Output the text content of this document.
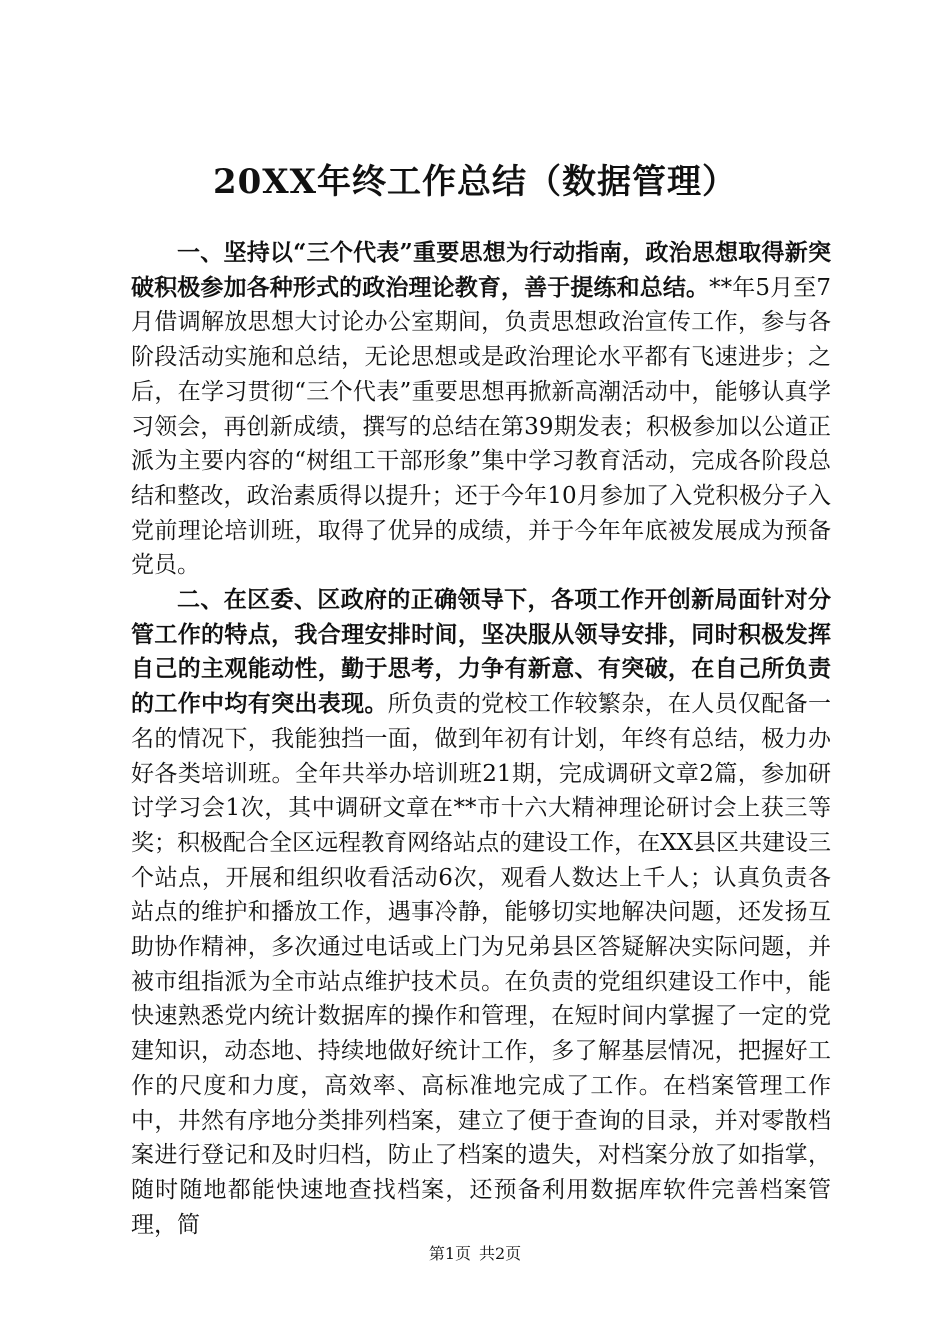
20XX年终工作总结（数据管理）

一、坚持以“三个代表”重要思想为行动指南，政治思想取得新突破积极参加各种形式的政治理论教育，善于提练和总结。**年5月至7月借调解放思想大讨论办公室期间，负责思想政治宣传工作，参与各阶段活动实施和总结，无论思想或是政治理论水平都有飞速进步；之后，在学习贯彻“三个代表”重要思想再掀新高潮活动中，能够认真学习领会，再创新成绩，撰写的总结在第39期发表；积极参加以公道正派为主要内容的“树组工干部形象”集中学习教育活动，完成各阶段总结和整改，政治素质得以提升；还于今年10月参加了入党积极分子入党前理论培训班，取得了优异的成绩，并于今年年底被发展成为预备党员。

二、在区委、区政府的正确领导下，各项工作开创新局面针对分管工作的特点，我合理安排时间，坚决服从领导安排，同时积极发挥自己的主观能动性，勤于思考，力争有新意、有突破，在自己所负责的工作中均有突出表现。所负责的党校工作较繁杂，在人员仅配备一名的情况下，我能独挡一面，做到年初有计划，年终有总结，极力办好各类培训班。全年共举办培训班21期，完成调研文章2篇，参加研讨学习会1次，其中调研文章在**市十六大精神理论研讨会上获三等奖；积极配合全区远程教育网络站点的建设工作，在XX县区共建设三个站点，开展和组织收看活动6次，观看人数达上千人；认真负责各站点的维护和播放工作，遇事冷静，能够切实地解决问题，还发扬互助协作精神，多次通过电话或上门为兄弟县区答疑解决实际问题，并被市组指派为全市站点维护技术员。在负责的党组织建设工作中，能快速熟悉党内统计数据库的操作和管理，在短时间内掌握了一定的党建知识，动态地、持续地做好统计工作，多了解基层情况，把握好工作的尺度和力度，高效率、高标准地完成了工作。在档案管理工作中，井然有序地分类排列档案，建立了便于查询的目录，并对零散档案进行登记和及时归档，防止了档案的遗失，对档案分放了如指掌，随时随地都能快速地查找档案，还预备利用数据库软件完善档案管理，简

第1页 共2页
